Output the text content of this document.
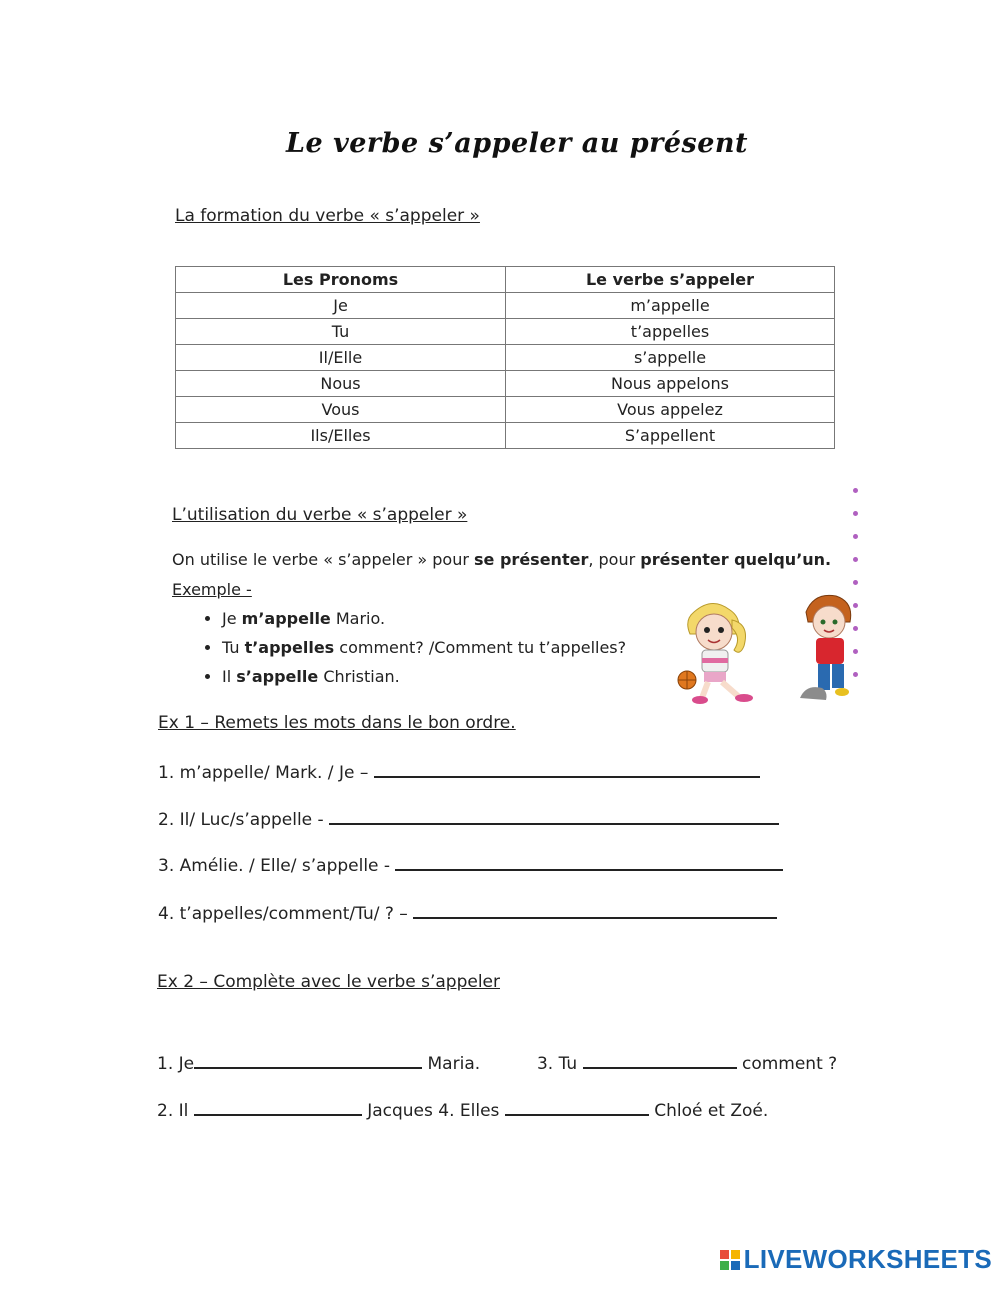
Le verbe s’appeler au présent
La formation du verbe « s’appeler »
Les Pronoms	Le verbe s’appeler
Je	m’appelle
Tu	t’appelles
Il/Elle	s’appelle
Nous	Nous appelons
Vous	Vous appelez
Ils/Elles	S’appellent
L’utilisation du verbe « s’appeler »
On utilise le verbe « s’appeler » pour se présenter, pour présenter quelqu’un.
Exemple -
• Je m’appelle Mario.
• Tu t’appelles comment? /Comment tu t’appelles?
• Il s’appelle Christian.
Ex 1 – Remets les mots dans le bon ordre.
1. m’appelle/ Mark. / Je –
2. Il/ Luc/s’appelle -
3. Amélie. / Elle/ s’appelle -
4. t’appelles/comment/Tu/ ? –
Ex 2 – Complète avec le verbe s’appeler
1. Je	Maria.	3. Tu	comment ?
2. Il	Jacques 4. Elles	Chloé et Zoé.
LIVEWORKSHEETS
